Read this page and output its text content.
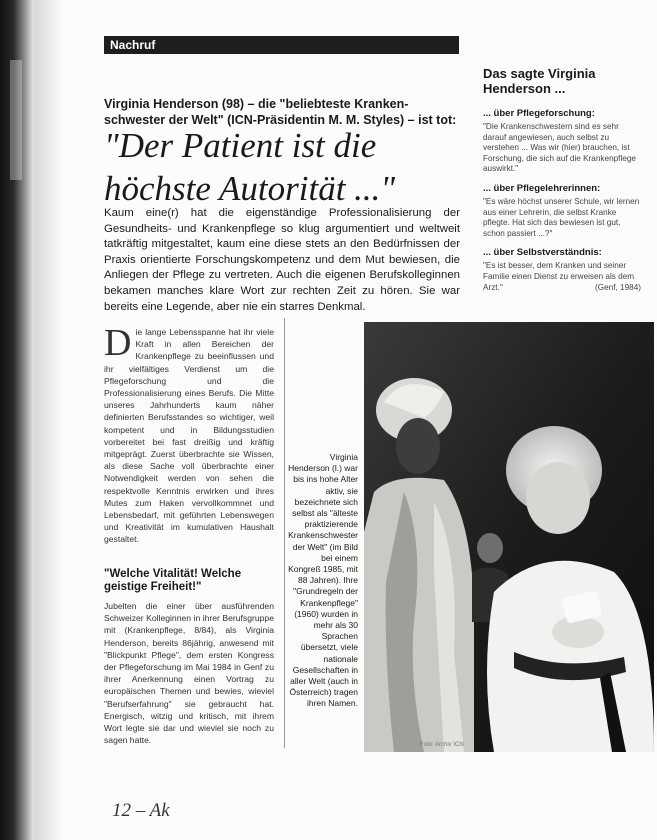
Nachruf
Virginia Henderson (98) – die "beliebteste Kranken-schwester der Welt" (ICN-Präsidentin M. M. Styles) – ist tot:
"Der Patient ist die höchste Autorität ..."
Kaum eine(r) hat die eigenständige Professionalisierung der Gesundheits- und Krankenpflege so klug argumentiert und weltweit tatkräftig mitgestaltet, kaum eine diese stets an den Bedürfnissen der Praxis orientierte Forschungskompetenz und dem Mut bewiesen, die Anliegen der Pflege zu vertreten. Auch die eigenen Berufskolleginnen bekamen manches klare Wort zur rechten Zeit zu hören. Sie war bereits eine Legende, aber nie ein starres Denkmal.
Die lange Lebensspanne hat ihr viele Kraft in allen Bereichen der Krankenpflege zu beeinflussen und ihr vielfältiges Verdienst um die Pflegeforschung und die Professionalisierung eines Berufs. Die Mitte unseres Jahrhunderts kaum näher definierten Berufsstandes so wichtiger, weil kompetent und in Bildungsstudien vorbereitet bei fast dreißig und kräftig mitgeprägt. Zuerst überbrachte sie Wissen, als diese Sache voll überbrachte einer Notwendigkeit werden von sehen die respektvolle Kenntnis erwirken und ihres Mutes zum Haken vervollkommnet und Lebensbedarf, mit geführten Lebenswegen und Kreativität im kumulativen Haushalt gestaltet.
"Welche Vitalität! Welche geistige Freiheit!"
Jubelten die einer über ausführenden Schweizer Kolleginnen in ihrer Berufsgruppe mit (Krankenpflege, 8/84), als Virginia Henderson, bereits 86jährig, anwesend mit "Blickpunkt Pflege", dem ersten Kongress der Pflegeforschung im Mai 1984 in Genf zu ihrer Anerkennung einen Vortrag zu europäischen Themen und bewies, wieviel "Berufserfahrung" sie gebraucht hat. Energisch, witzig und kritisch, mit ihrem Wort legte sie dar und wieviel sie noch zu sagen hatte.
Das sagte Virginia Henderson ...
... über Pflegeforschung:
"Die Krankenschwestern sind es sehr darauf angewiesen, auch selbst zu verstehen ... Was wir (hier) brauchen, ist Forschung, die sich auf die Krankenpflege auswirkt."
... über Pflegelehrerinnen:
"Es wäre höchst unserer Schule, wir lernen aus einer Lehrerin, die selbst Kranke pflegte. Hat sich das bewiesen ist gut, schon passiert ...?"
... über Selbstverständnis:
"Es ist besser, dem Kranken und seiner Familie einen Dienst zu erweisen als dem Arzt."	(Genf, 1984)
Virginia Henderson (l.) war bis ins hohe Alter aktiv, sie bezeichnete sich selbst als "älteste praktizierende Krankenschwester der Welt" (im Bild bei einem Kongreß 1985, mit 88 Jahren). Ihre "Grundregeln der Krankenpflege" (1960) wurden in mehr als 30 Sprachen übersetzt, viele nationale Gesellschaften in aller Welt (auch in Österreich) tragen ihren Namen.
Foto: Archiv ICN
12 – Ak
